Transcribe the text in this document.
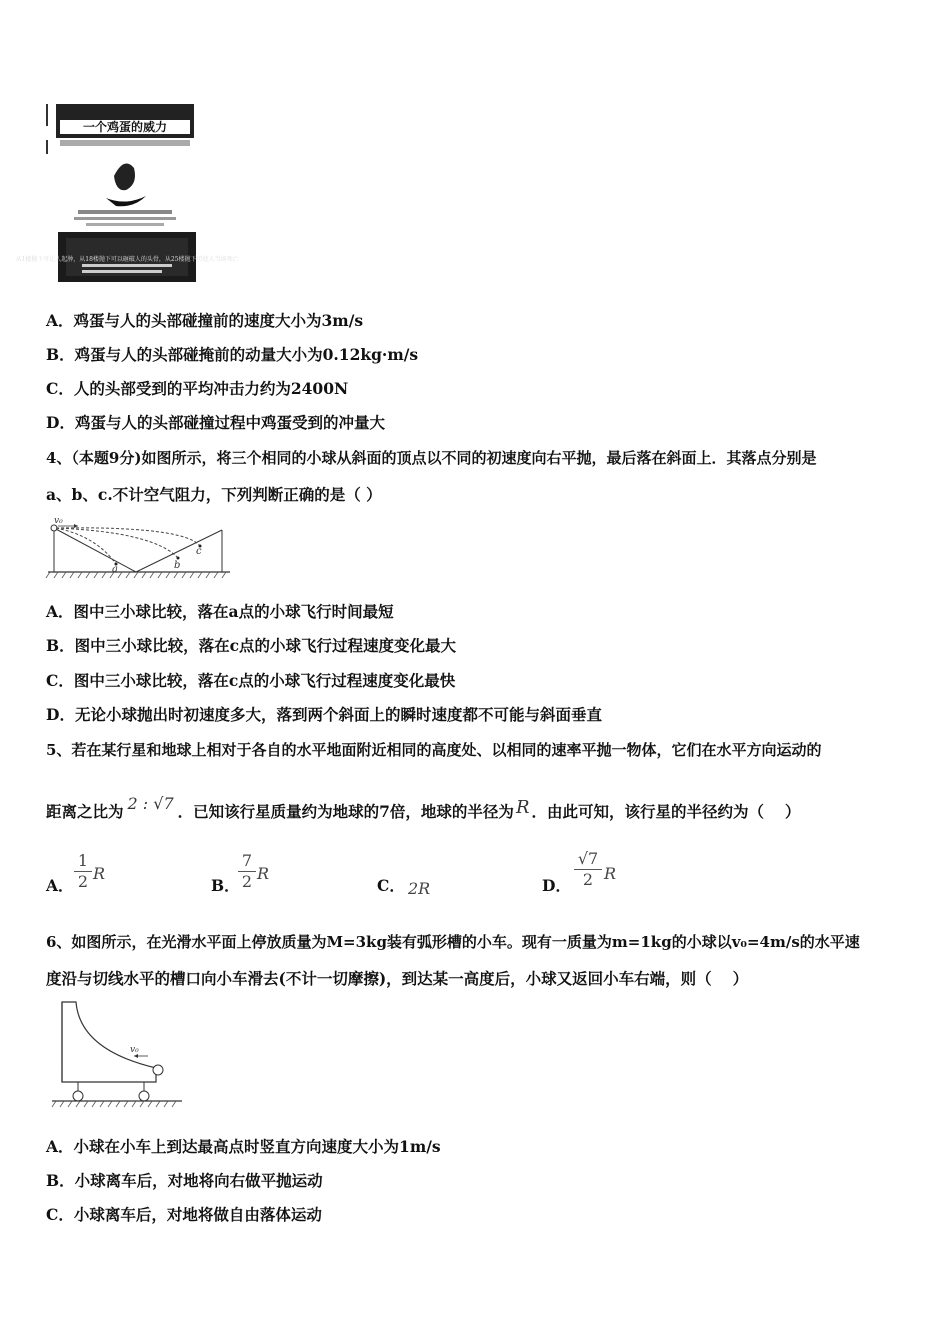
一个鸡蛋的威力
从1楼抛下可让人起肿，从18楼抛下可以砸破人的头骨，从25楼抛下可使人当场死亡
A．鸡蛋与人的头部碰撞前的速度大小为3m/s
B．鸡蛋与人的头部碰掩前的动量大小为0.12kg·m/s
C．人的头部受到的平均冲击力约为2400N
D．鸡蛋与人的头部碰撞过程中鸡蛋受到的冲量大
4、（本题9分)如图所示，将三个相同的小球从斜面的顶点以不同的初速度向右平抛，最后落在斜面上．其落点分别是
a、b、c.不计空气阻力，下列判断正确的是（ ）
v₀
a	b
c
A．图中三小球比较，落在a点的小球飞行时间最短
B．图中三小球比较，落在c点的小球飞行过程速度变化最大
C．图中三小球比较，落在c点的小球飞行过程速度变化最快
D．无论小球抛出时初速度多大，落到两个斜面上的瞬时速度都不可能与斜面垂直
5、若在某行星和地球上相对于各自的水平地面附近相同的高度处、以相同的速率平抛一物体，它们在水平方向运动的
距离之比为 2 : √7 ．已知该行星质量约为地球的7倍，地球的半径为 R ．由此可知，该行星的半径约为（　 ）
A．
1
2 R
B．
7
2 R
C． 2R	D．
√7
2 R
6、如图所示，在光滑水平面上停放质量为M=3kg装有弧形槽的小车。现有一质量为m=1kg的小球以v₀=4m/s的水平速
度沿与切线水平的槽口向小车滑去(不计一切摩擦)，到达某一高度后，小球又返回小车右端，则（　 ）
v₀
A．小球在小车上到达最高点时竖直方向速度大小为1m/s
B．小球离车后，对地将向右做平抛运动
C．小球离车后，对地将做自由落体运动
